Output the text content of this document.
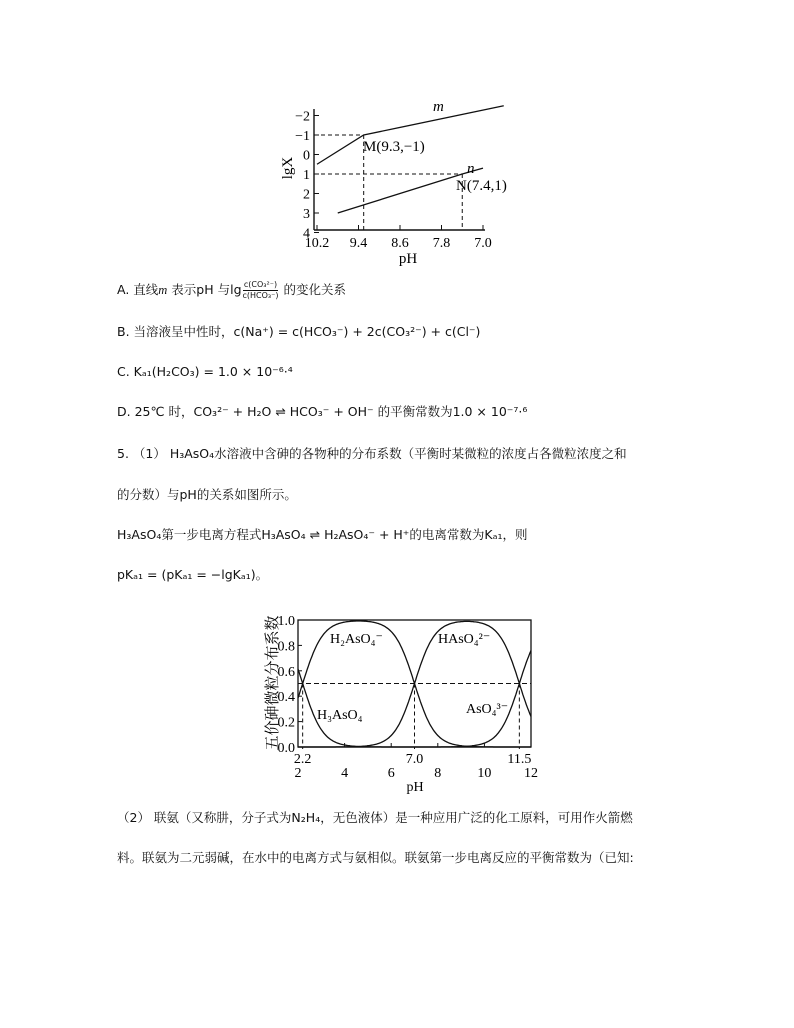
−2
−1
0
1
2
3
4
10.2 9.4 8.6 7.8 7.0
lgX
pH
m
n
M(9.3,−1)
N(7.4,1)
A. 直线m 表示pH 与$\lg \frac{\text{c(CO₃²⁻)}}{\text{c(HCO₃⁻)}}$ 的变化关系
B. 当溶液呈中性时，c(Na⁺) = c(HCO₃⁻) + 2c(CO₃²⁻) + c(Cl⁻)
C. Kₐ₁(H₂CO₃) = 1.0 × 10⁻⁶·⁴
D. 25℃ 时，CO₃²⁻ + H₂O ⇌ HCO₃⁻ + OH⁻ 的平衡常数为1.0 × 10⁻⁷·⁶
5. （1） H₃AsO₄水溶液中含砷的各物种的分布系数（平衡时某微粒的浓度占各微粒浓度之和
的分数）与pH的关系如图所示。
H₃AsO₄第一步电离方程式H₃AsO₄ ⇌ H₂AsO₄⁻ + H⁺的电离常数为Kₐ₁，则
pKₐ₁ = (pKₐ₁ = −lgKₐ₁)。
0.0
0.2
0.4
0.6
0.8
1.0
2	4	6	8	10 12
2.2	7.0	11.5
五价砷微粒分布系数
pH
H₂AsO₄⁻	HAsO₄²⁻
H₃AsO₄	AsO₄³⁻
（2） 联氨（又称肼，分子式为N₂H₄，无色液体）是一种应用广泛的化工原料，可用作火箭燃
料。联氨为二元弱碱，在水中的电离方式与氨相似。联氨第一步电离反应的平衡常数为（已知:
